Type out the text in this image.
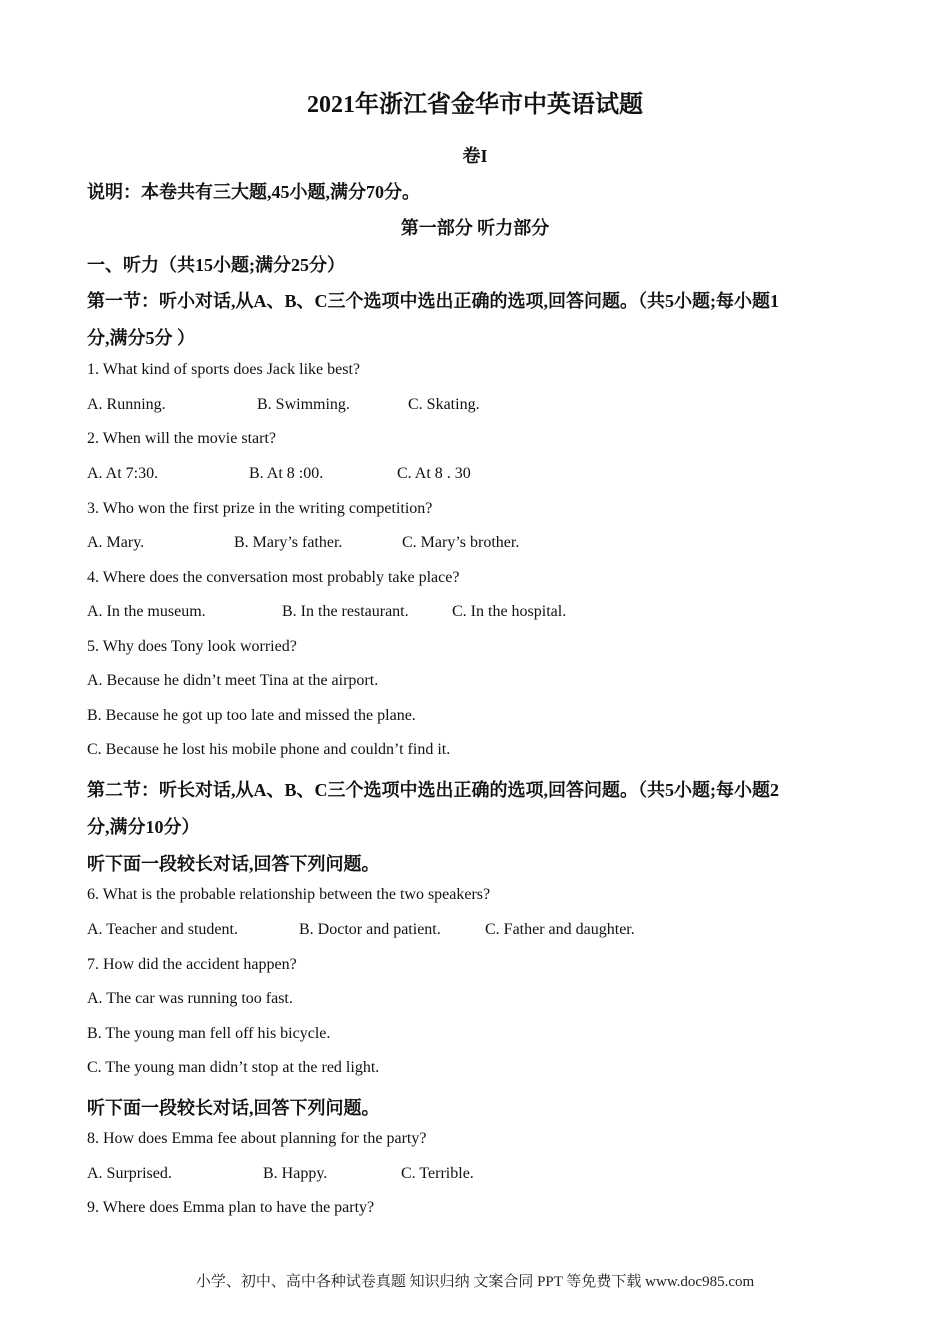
2021年浙江省金华市中英语试题
卷I
说明：本卷共有三大题,45小题,满分70分。
第一部分 听力部分
一、听力（共15小题;满分25分）
第一节：听小对话,从A、B、C三个选项中选出正确的选项,回答问题。（共5小题;每小题1
分,满分5分 ）
1. What kind of sports does Jack like best?
A. Running.	B. Swimming.	C. Skating.
2. When will the movie start?
A. At 7:30.	B. At 8 :00.	C. At 8 . 30
3. Who won the first prize in the writing competition?
A. Mary.	B. Mary’s father.	C. Mary’s brother.
4. Where does the conversation most probably take place?
A. In the museum.	B. In the restaurant.	C. In the hospital.
5. Why does Tony look worried?
A. Because he didn’t meet Tina at the airport.
B. Because he got up too late and missed the plane.
C. Because he lost his mobile phone and couldn’t find it.
第二节：听长对话,从A、B、C三个选项中选出正确的选项,回答问题。（共5小题;每小题2
分,满分10分）
听下面一段较长对话,回答下列问题。
6. What is the probable relationship between the two speakers?
A. Teacher and student.	B. Doctor and patient.	C. Father and daughter.
7. How did the accident happen?
A. The car was running too fast.
B. The young man fell off his bicycle.
C. The young man didn’t stop at the red light.
听下面一段较长对话,回答下列问题。
8. How does Emma fee about planning for the party?
A. Surprised.	B. Happy.	C. Terrible.
9. Where does Emma plan to have the party?
小学、初中、高中各种试卷真题 知识归纳 文案合同 PPT 等免费下载 www.doc985.com
